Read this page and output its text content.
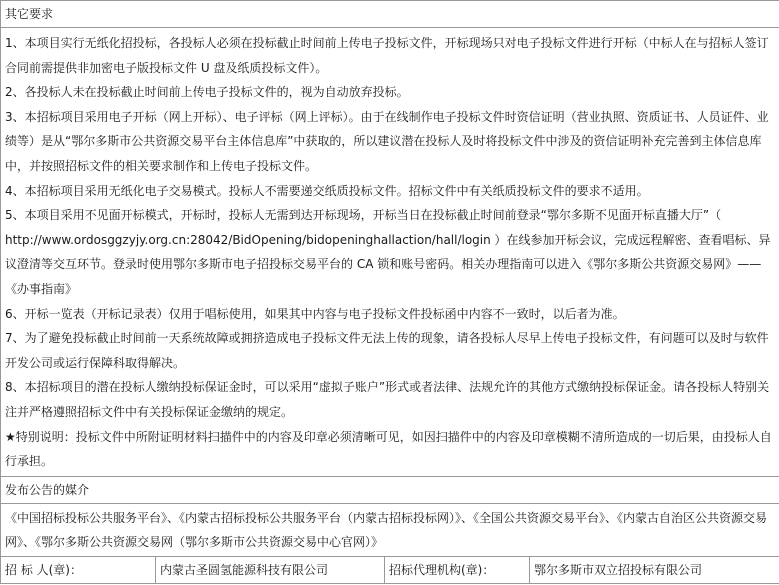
其它要求

1、本项目实行无纸化招投标，各投标人必须在投标截止时间前上传电子投标文件，开标现场只对电子投标文件进行开标（中标人在与招标人签订合同前需提供非加密电子版投标文件 U 盘及纸质投标文件）。

2、各投标人未在投标截止时间前上传电子投标文件的，视为自动放弃投标。

3、本招标项目采用电子开标（网上开标）、电子评标（网上评标）。由于在线制作电子投标文件时资信证明（营业执照、资质证书、人员证件、业绩等）是从“鄂尔多斯市公共资源交易平台主体信息库”中获取的，所以建议潜在投标人及时将投标文件中涉及的资信证明补充完善到主体信息库中，并按照招标文件的相关要求制作和上传电子投标文件。

4、本招标项目采用无纸化电子交易模式。投标人不需要递交纸质投标文件。招标文件中有关纸质投标文件的要求不适用。

5、本项目采用不见面开标模式，开标时，投标人无需到达开标现场，开标当日在投标截止时间前登录“鄂尔多斯不见面开标直播大厅”（ http://www.ordosggzyjy.org.cn:28042/BidOpening/bidopeninghallaction/hall/login ）在线参加开标会议，完成远程解密、查看唱标、异议澄清等交互环节。登录时使用鄂尔多斯市电子招投标交易平台的 CA 锁和账号密码。相关办理指南可以进入《鄂尔多斯公共资源交易网》——《办事指南》

6、开标一览表（开标记录表）仅用于唱标使用，如果其中内容与电子投标文件投标函中内容不一致时，以后者为准。

7、为了避免投标截止时间前一天系统故障或拥挤造成电子投标文件无法上传的现象，请各投标人尽早上传电子投标文件，有问题可以及时与软件开发公司或运行保障科取得解决。

8、本招标项目的潜在投标人缴纳投标保证金时，可以采用“虚拟子账户”形式或者法律、法规允许的其他方式缴纳投标保证金。请各投标人特别关注并严格遵照招标文件中有关投标保证金缴纳的规定。

★特别说明：投标文件中所附证明材料扫描件中的内容及印章必须清晰可见，如因扫描件中的内容及印章模糊不清所造成的一切后果，由投标人自行承担。

发布公告的媒介
《中国招标投标公共服务平台》、《内蒙古招标投标公共服务平台（内蒙古招标投标网）》、《全国公共资源交易平台》、《内蒙古自治区公共资源交易网》、《鄂尔多斯公共资源交易网（鄂尔多斯市公共资源交易中心官网）》
招 标 人(章)：	内蒙古圣圆氢能源科技有限公司	招标代理机构(章)：	鄂尔多斯市双立招投标有限公司
